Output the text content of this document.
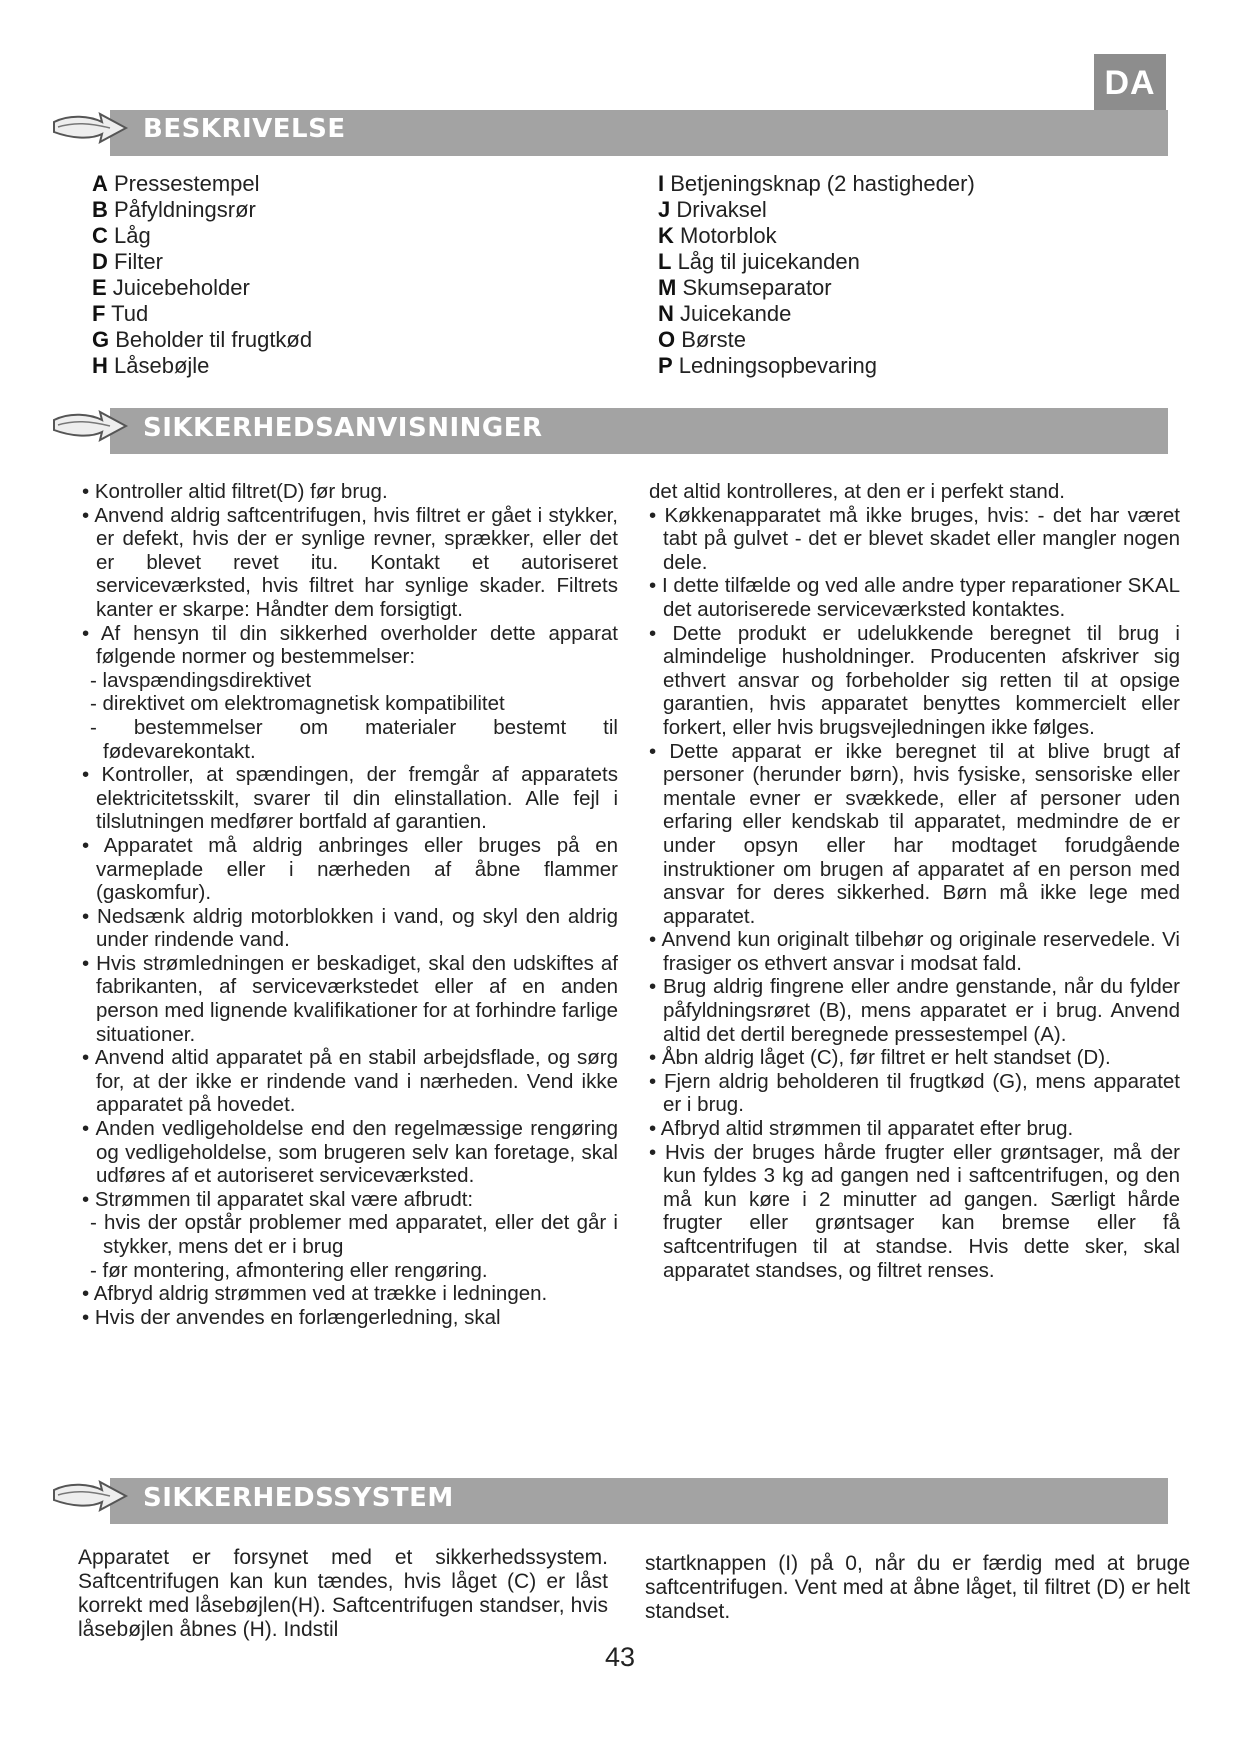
DA
BESKRIVELSE
A Pressestempel
B Påfyldningsrør
C Låg
D Filter
E Juicebeholder
F Tud
G Beholder til frugtkød
H Låsebøjle
I Betjeningsknap (2 hastigheder)
J Drivaksel
K Motorblok
L Låg til juicekanden
M Skumseparator
N Juicekande
O Børste
P Ledningsopbevaring
SIKKERHEDSANVISNINGER

• Kontroller altid filtret(D) før brug.

• Anvend aldrig saftcentrifugen, hvis filtret er gået i stykker, er defekt, hvis der er synlige revner, sprækker, eller det er blevet revet itu. Kontakt et autoriseret serviceværksted, hvis filtret har synlige skader. Filtrets kanter er skarpe: Håndter dem forsigtigt.

• Af hensyn til din sikkerhed overholder dette apparat følgende normer og bestemmelser:

- lavspændingsdirektivet

- direktivet om elektromagnetisk kompatibilitet

- bestemmelser om materialer bestemt til fødevarekontakt.

• Kontroller, at spændingen, der fremgår af apparatets elektricitetsskilt, svarer til din elinstallation. Alle fejl i tilslutningen medfører bortfald af garantien.

• Apparatet må aldrig anbringes eller bruges på en varmeplade eller i nærheden af åbne flammer (gaskomfur).

• Nedsænk aldrig motorblokken i vand, og skyl den aldrig under rindende vand.

• Hvis strømledningen er beskadiget, skal den udskiftes af fabrikanten, af serviceværkstedet eller af en anden person med lignende kvalifikationer for at forhindre farlige situationer.

• Anvend altid apparatet på en stabil arbejdsflade, og sørg for, at der ikke er rindende vand i nærheden. Vend ikke apparatet på hovedet.

• Anden vedligeholdelse end den regelmæssige rengøring og vedligeholdelse, som brugeren selv kan foretage, skal udføres af et autoriseret serviceværksted.

• Strømmen til apparatet skal være afbrudt:

- hvis der opstår problemer med apparatet, eller det går i stykker, mens det er i brug

- før montering, afmontering eller rengøring.

• Afbryd aldrig strømmen ved at trække i ledningen.

• Hvis der anvendes en forlængerledning, skal

det altid kontrolleres, at den er i perfekt stand.

• Køkkenapparatet må ikke bruges, hvis: - det har været tabt på gulvet - det er blevet skadet eller mangler nogen dele.

• I dette tilfælde og ved alle andre typer reparationer SKAL det autoriserede serviceværksted kontaktes.

• Dette produkt er udelukkende beregnet til brug i almindelige husholdninger. Producenten afskriver sig ethvert ansvar og forbeholder sig retten til at opsige garantien, hvis apparatet benyttes kommercielt eller forkert, eller hvis brugsvejledningen ikke følges.

• Dette apparat er ikke beregnet til at blive brugt af personer (herunder børn), hvis fysiske, sensoriske eller mentale evner er svækkede, eller af personer uden erfaring eller kendskab til apparatet, medmindre de er under opsyn eller har modtaget forudgående instruktioner om brugen af apparatet af en person med ansvar for deres sikkerhed. Børn må ikke lege med apparatet.

• Anvend kun originalt tilbehør og originale reservedele. Vi frasiger os ethvert ansvar i modsat fald.

• Brug aldrig fingrene eller andre genstande, når du fylder påfyldningsrøret (B), mens apparatet er i brug. Anvend altid det dertil beregnede pressestempel (A).

• Åbn aldrig låget (C), før filtret er helt standset (D).

• Fjern aldrig beholderen til frugtkød (G), mens apparatet er i brug.

• Afbryd altid strømmen til apparatet efter brug.

• Hvis der bruges hårde frugter eller grøntsager, må der kun fyldes 3 kg ad gangen ned i saftcentrifugen, og den må kun køre i 2 minutter ad gangen. Særligt hårde frugter eller grøntsager kan bremse eller få saftcentrifugen til at standse. Hvis dette sker, skal apparatet standses, og filtret renses.

SIKKERHEDSSYSTEM

Apparatet er forsynet med et sikkerhedssystem. Saftcentrifugen kan kun tændes, hvis låget (C) er låst korrekt med låsebøjlen(H). Saftcentrifugen standser, hvis låsebøjlen åbnes (H). Indstil

startknappen (I) på 0, når du er færdig med at bruge saftcentrifugen. Vent med at åbne låget, til filtret (D) er helt standset.

43
